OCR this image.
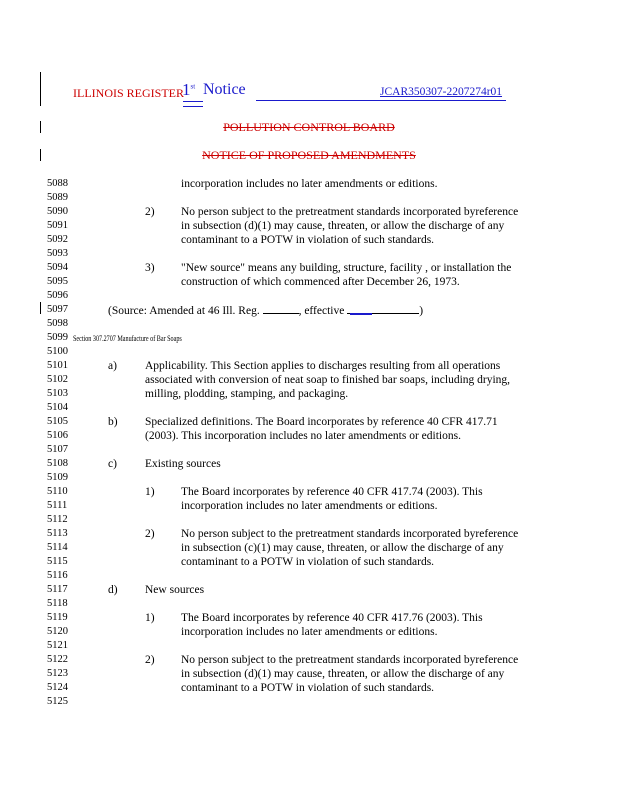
ILLINOIS REGISTER
1st Notice	JCAR350307-2207274r01
POLLUTION CONTROL BOARD
NOTICE OF PROPOSED AMENDMENTS
5088
5089
5090
5091
5092
5093
5094
5095
5096
5097
5098
5099
5100
5101
5102
5103
5104
5105
5106
5107
5108
5109
5110
5111
5112
5113
5114
5115
5116
5117
5118
5119
5120
5121
5122
5123
5124
5125
incorporation includes no later amendments or editions.
2) No person subject to the pretreatment standards incorporated byreference
in subsection (d)(1) may cause, threaten, or allow the discharge of any
contaminant to a POTW in violation of such standards.
3) "New source" means any building, structure, facility , or installation the
construction of which commenced after December 26, 1973.
(Source: Amended at 46 Ill. Reg.	, effective	)
Section 307.2707 Manufacture of Bar Soaps
a) Applicability. This Section applies to discharges resulting from all operations
associated with conversion of neat soap to finished bar soaps, including drying,
milling, plodding, stamping, and packaging.
b) Specialized definitions. The Board incorporates by reference 40 CFR 417.71
(2003). This incorporation includes no later amendments or editions.
c) Existing sources
1) The Board incorporates by reference 40 CFR 417.74 (2003). This
incorporation includes no later amendments or editions.
2) No person subject to the pretreatment standards incorporated byreference
in subsection (c)(1) may cause, threaten, or allow the discharge of any
contaminant to a POTW in violation of such standards.
d) New sources
1) The Board incorporates by reference 40 CFR 417.76 (2003). This
incorporation includes no later amendments or editions.
2) No person subject to the pretreatment standards incorporated byreference
in subsection (d)(1) may cause, threaten, or allow the discharge of any
contaminant to a POTW in violation of such standards.
